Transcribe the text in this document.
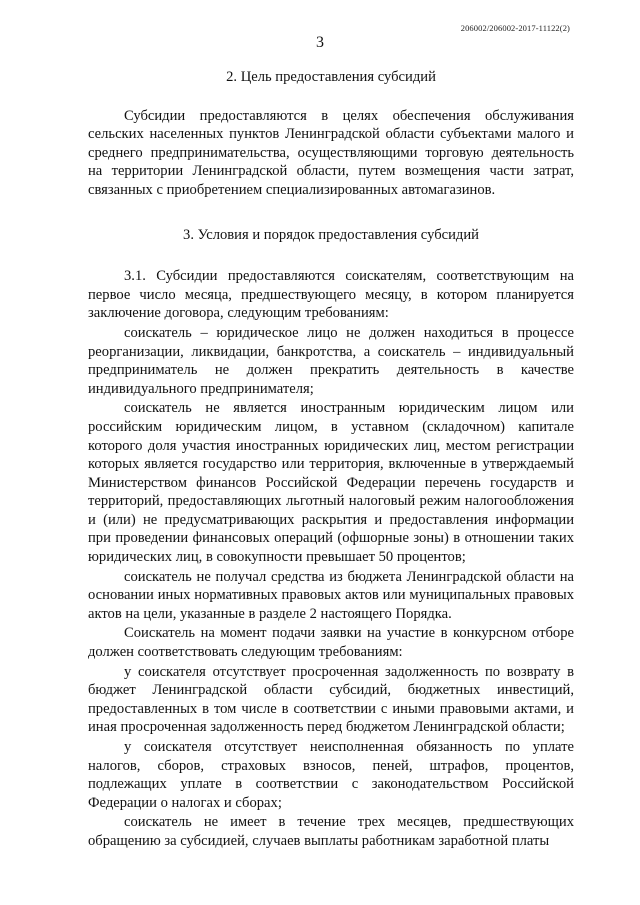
206002/206002-2017-11122(2)
3
2. Цель предоставления субсидий

Субсидии предоставляются в целях обеспечения обслуживания сельских населенных пунктов Ленинградской области субъектами малого и среднего предпринимательства, осуществляющими торговую деятельность на территории Ленинградской области, путем возмещения части затрат, связанных с приобретением специализированных автомагазинов.

3. Условия и порядок предоставления субсидий

3.1. Субсидии предоставляются соискателям, соответствующим на первое число месяца, предшествующего месяцу, в котором планируется заключение договора, следующим требованиям:

соискатель – юридическое лицо не должен находиться в процессе реорганизации, ликвидации, банкротства, а соискатель – индивидуальный предприниматель не должен прекратить деятельность в качестве индивидуального предпринимателя;

соискатель не является иностранным юридическим лицом или российским юридическим лицом, в уставном (складочном) капитале которого доля участия иностранных юридических лиц, местом регистрации которых является государство или территория, включенные в утверждаемый Министерством финансов Российской Федерации перечень государств и территорий, предоставляющих льготный налоговый режим налогообложения и (или) не предусматривающих раскрытия и предоставления информации при проведении финансовых операций (офшорные зоны) в отношении таких юридических лиц, в совокупности превышает 50 процентов;

соискатель не получал средства из бюджета Ленинградской области на основании иных нормативных правовых актов или муниципальных правовых актов на цели, указанные в разделе 2 настоящего Порядка.

Соискатель на момент подачи заявки на участие в конкурсном отборе должен соответствовать следующим требованиям:

у соискателя отсутствует просроченная задолженность по возврату в бюджет Ленинградской области субсидий, бюджетных инвестиций, предоставленных в том числе в соответствии с иными правовыми актами, и иная просроченная задолженность перед бюджетом Ленинградской области;

у соискателя отсутствует неисполненная обязанность по уплате налогов, сборов, страховых взносов, пеней, штрафов, процентов, подлежащих уплате в соответствии с законодательством Российской Федерации о налогах и сборах;

соискатель не имеет в течение трех месяцев, предшествующих обращению за субсидией, случаев выплаты работникам заработной платы
